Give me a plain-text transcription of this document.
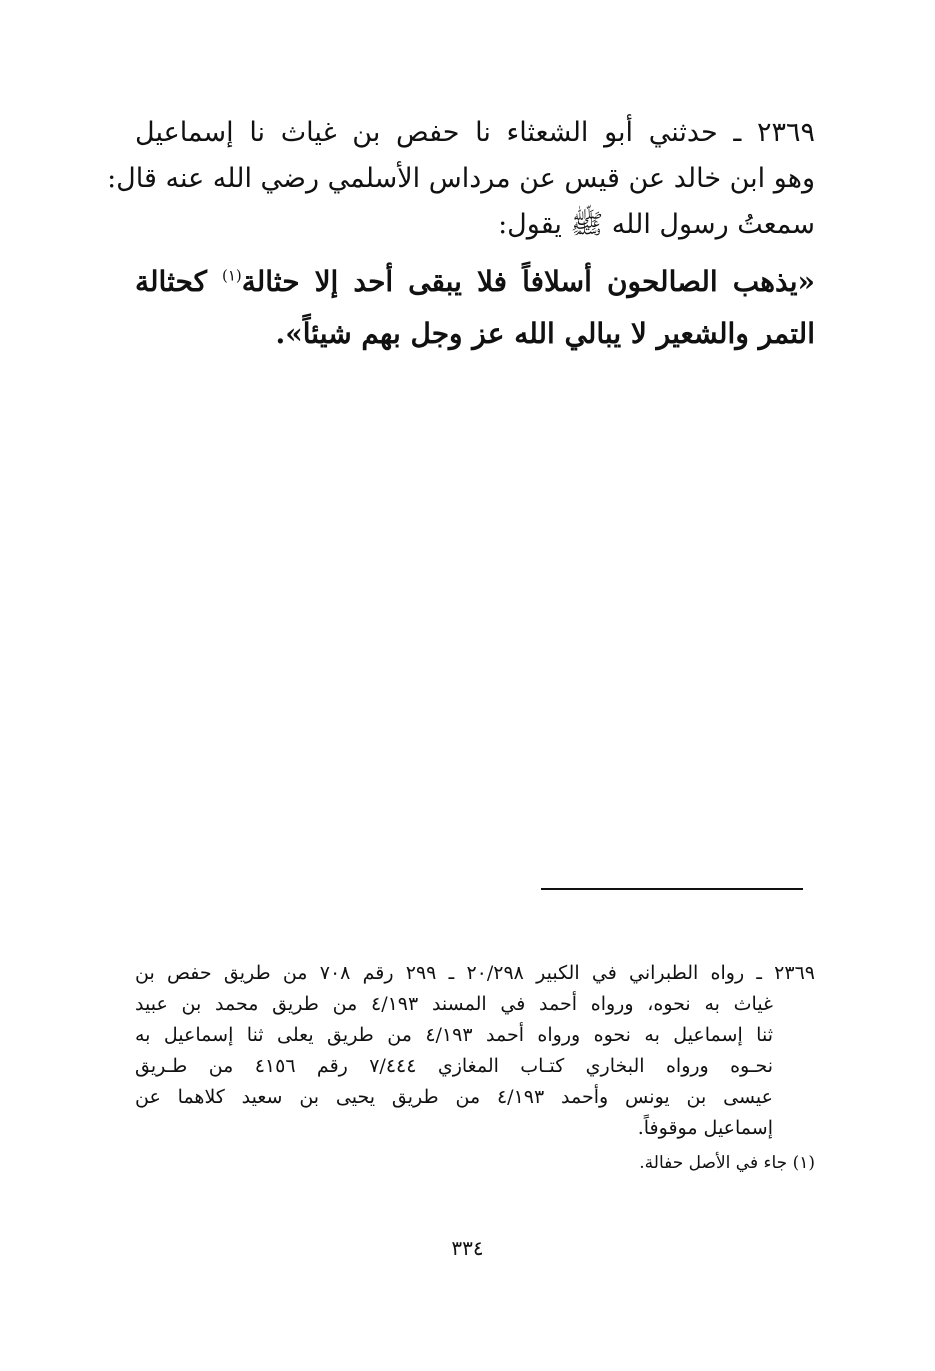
٢٣٦٩ ـ حدثني أبو الشعثاء نا حفص بن غياث نا إسماعيل
وهو ابن خالد عن قيس عن مرداس الأسلمي رضي الله عنه قال:
سمعتُ رسول الله ﷺ يقول:
«يذهب الصالحون أسلافاً فلا يبقى أحد إلا حثالة$^{(١)}$ كحثالة
التمر والشعير لا يبالي الله عز وجل بهم شيئاً».
٢٣٦٩ ـ رواه الطبراني في الكبير ٢٠/٢٩٨ ـ ٢٩٩ رقم ٧٠٨ من طريق حفص بن
غياث به نحوه، ورواه أحمد في المسند ٤/١٩٣ من طريق محمد بن عبيد
ثنا إسماعيل به نحوه ورواه أحمد ٤/١٩٣ من طريق يعلى ثنا إسماعيل به
نحـوه ورواه البخاري كتـاب المغازي ٧/٤٤٤ رقم ٤١٥٦ من طـريق
عيسى بن يونس وأحمد ٤/١٩٣ من طريق يحيى بن سعيد كلاهما عن
إسماعيل موقوفاً.
(١) جاء في الأصل حفالة.
٣٣٤
